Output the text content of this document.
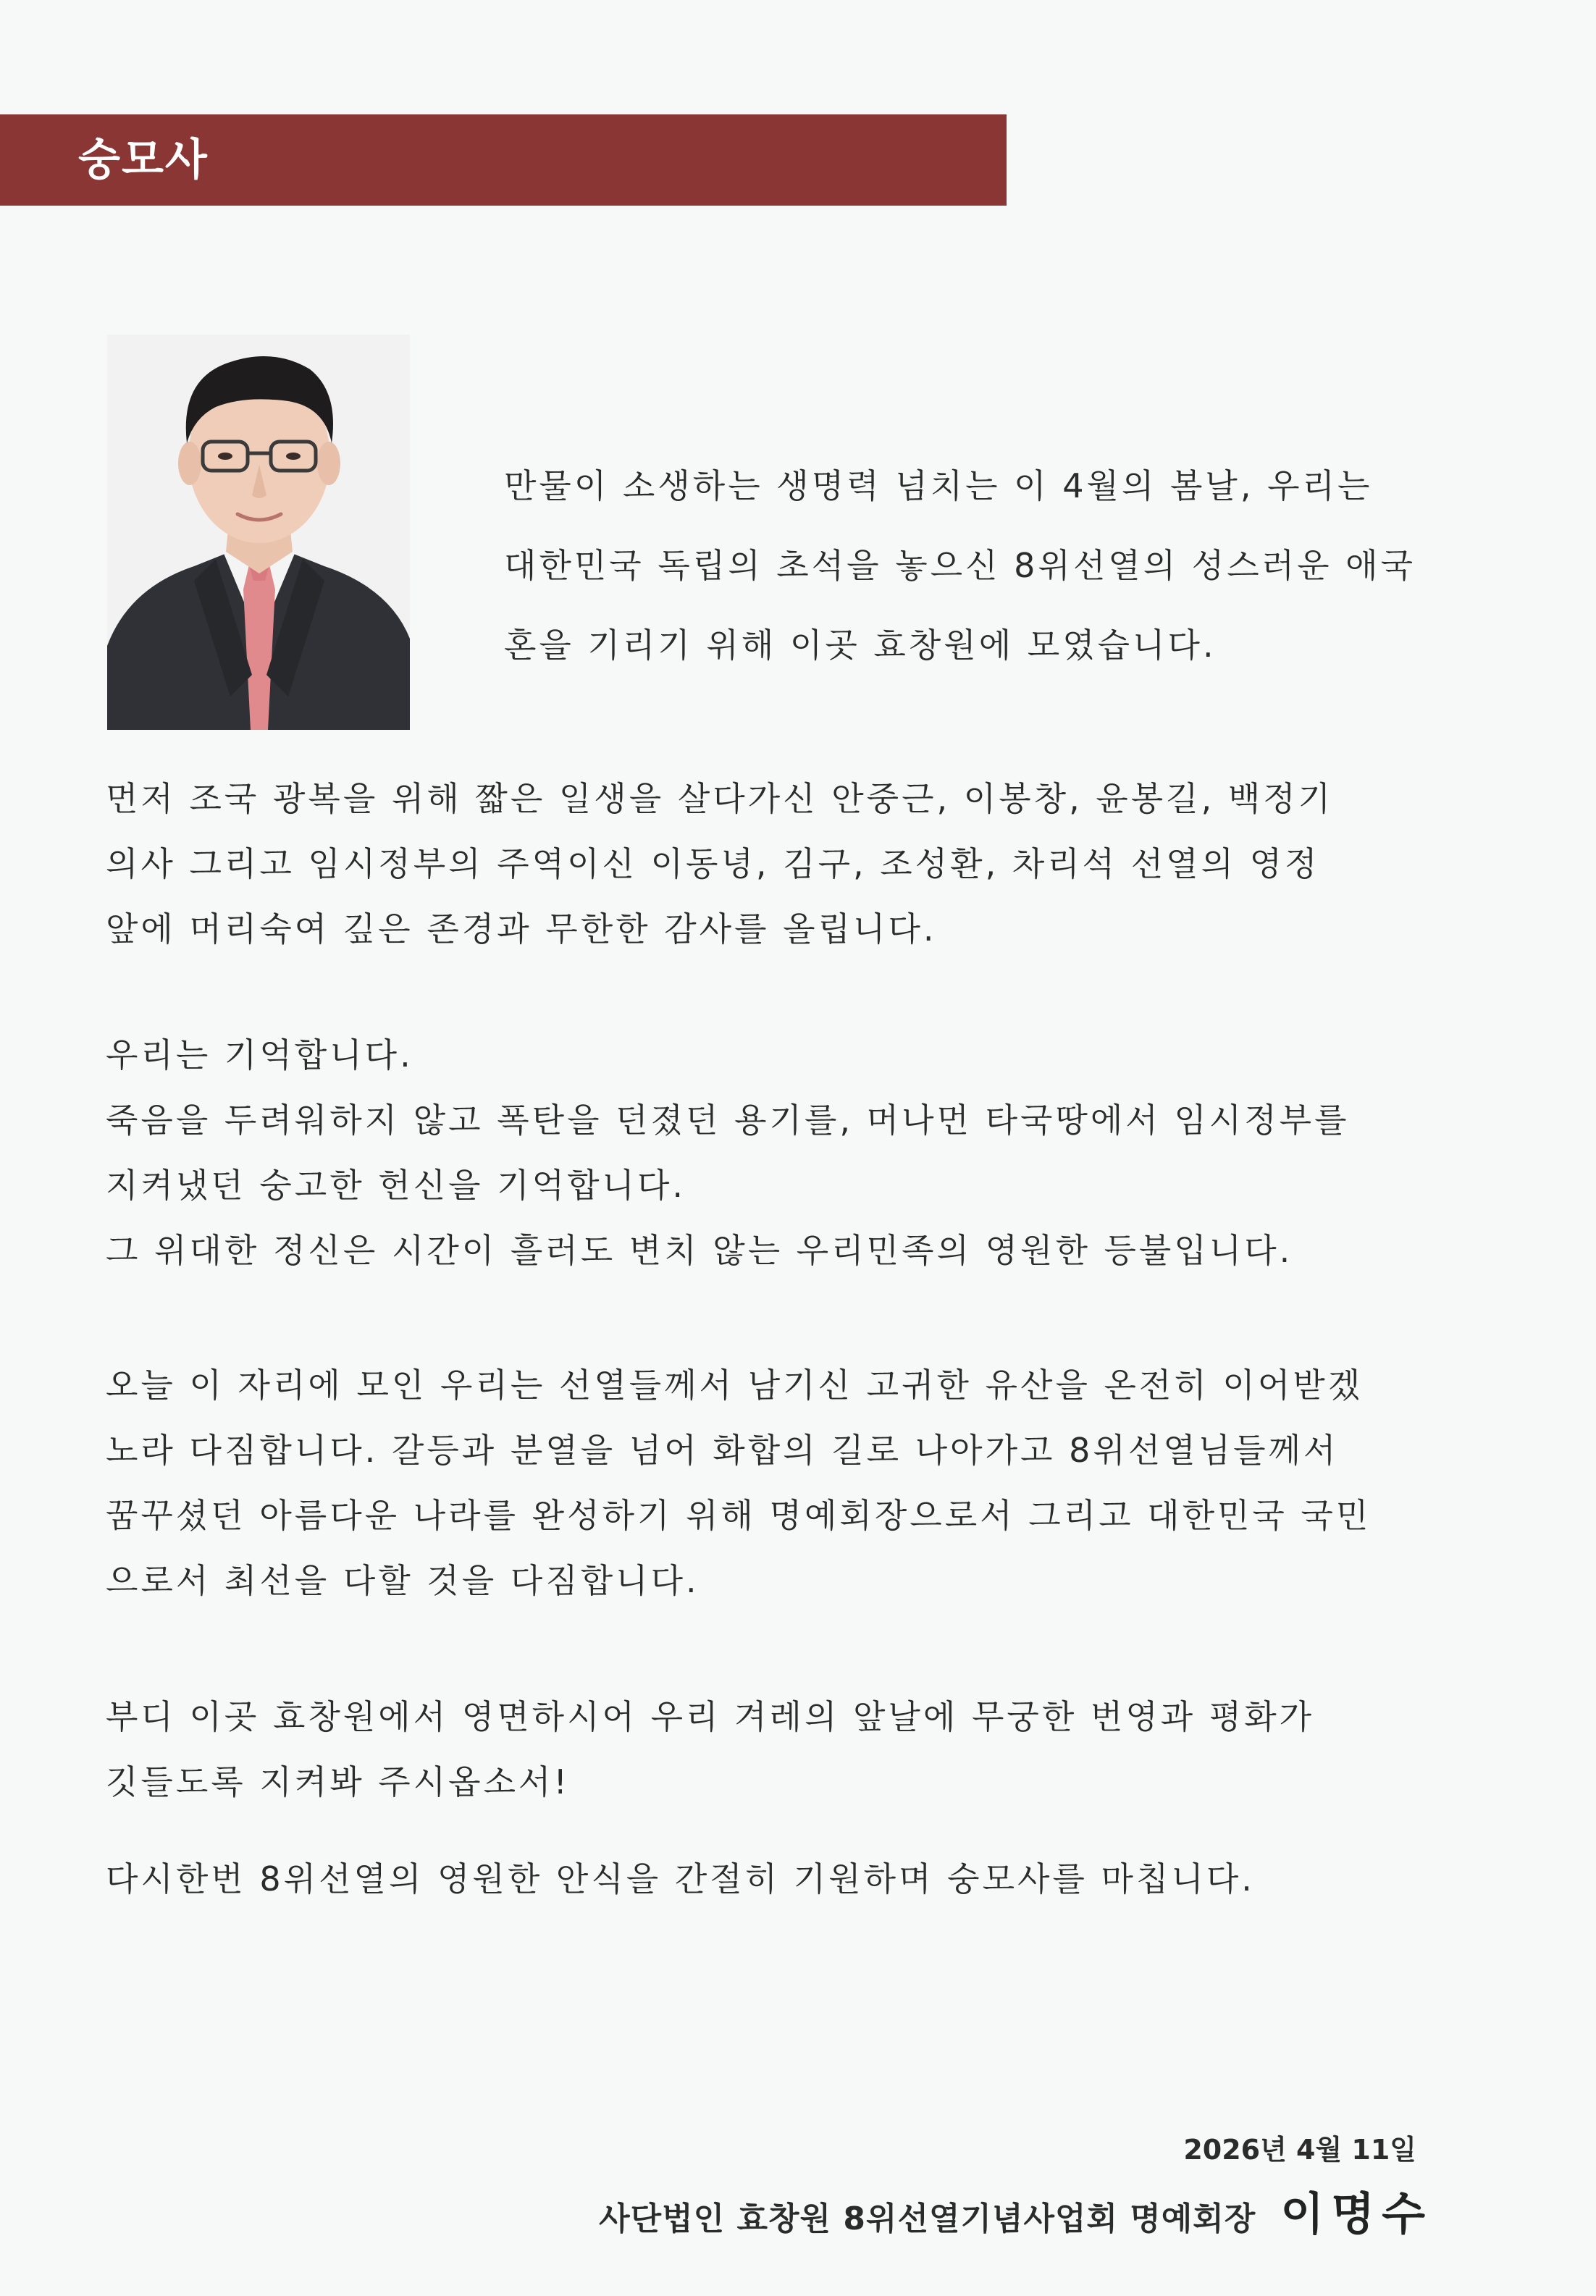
숭모사
만물이 소생하는 생명력 넘치는 이 4월의 봄날, 우리는
대한민국 독립의 초석을 놓으신 8위선열의 성스러운 애국
혼을 기리기 위해 이곳 효창원에 모였습니다.
먼저 조국 광복을 위해 짧은 일생을 살다가신 안중근, 이봉창, 윤봉길, 백정기
의사 그리고 임시정부의 주역이신 이동녕, 김구, 조성환, 차리석 선열의 영정
앞에 머리숙여 깊은 존경과 무한한 감사를 올립니다.
우리는 기억합니다.
죽음을 두려워하지 않고 폭탄을 던졌던 용기를, 머나먼 타국땅에서 임시정부를
지켜냈던 숭고한 헌신을 기억합니다.
그 위대한 정신은 시간이 흘러도 변치 않는 우리민족의 영원한 등불입니다.
오늘 이 자리에 모인 우리는 선열들께서 남기신 고귀한 유산을 온전히 이어받겠
노라 다짐합니다. 갈등과 분열을 넘어 화합의 길로 나아가고 8위선열님들께서
꿈꾸셨던 아름다운 나라를 완성하기 위해 명예회장으로서 그리고 대한민국 국민
으로서 최선을 다할 것을 다짐합니다.
부디 이곳 효창원에서 영면하시어 우리 겨레의 앞날에 무궁한 번영과 평화가
깃들도록 지켜봐 주시옵소서!
다시한번 8위선열의 영원한 안식을 간절히 기원하며 숭모사를 마칩니다.
2026년 4월 11일
사단법인 효창원 8위선열기념사업회 명예회장 이명수
